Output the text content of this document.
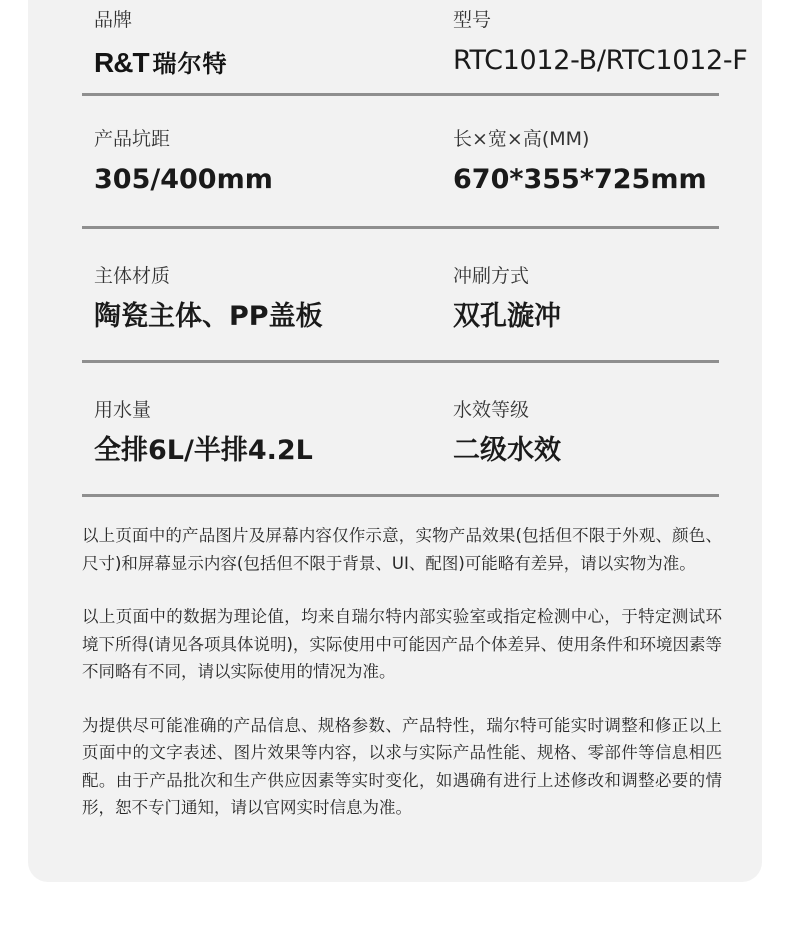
品牌
R&T 瑞尔特
型号
RTC1012-B/RTC1012-F
产品坑距
305/400mm
长×宽×高(MM)
670*355*725mm
主体材质
陶瓷主体、PP盖板
冲刷方式
双孔漩冲
用水量
全排6L/半排4.2L
水效等级
二级水效

以上页面中的产品图片及屏幕内容仅作示意，实物产品效果(包括但不限于外观、颜色、尺寸)和屏幕显示内容(包括但不限于背景、UI、配图)可能略有差异，请以实物为准。

以上页面中的数据为理论值，均来自瑞尔特内部实验室或指定检测中心，于特定测试环境下所得(请见各项具体说明)，实际使用中可能因产品个体差异、使用条件和环境因素等不同略有不同，请以实际使用的情况为准。

为提供尽可能准确的产品信息、规格参数、产品特性，瑞尔特可能实时调整和修正以上页面中的文字表述、图片效果等内容，以求与实际产品性能、规格、零部件等信息相匹配。由于产品批次和生产供应因素等实时变化，如遇确有进行上述修改和调整必要的情形，恕不专门通知，请以官网实时信息为准。
